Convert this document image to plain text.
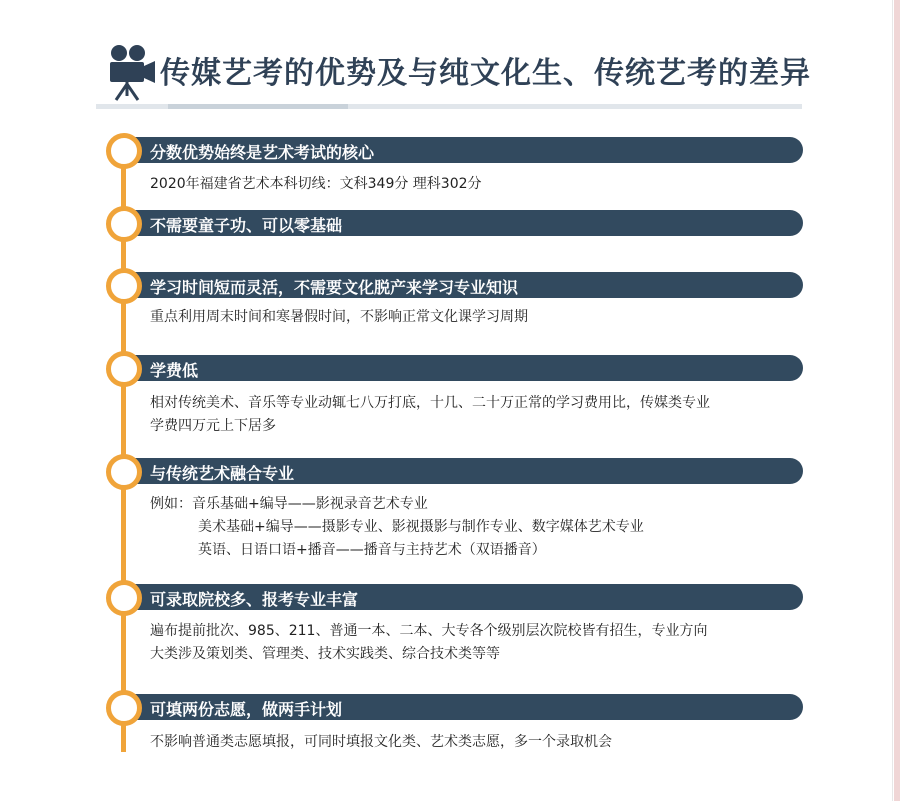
传媒艺考的优势及与纯文化生、传统艺考的差异
分数优势始终是艺术考试的核心
2020年福建省艺术本科切线：文科349分 理科302分
不需要童子功、可以零基础
学习时间短而灵活，不需要文化脱产来学习专业知识
重点利用周末时间和寒暑假时间，不影响正常文化课学习周期
学费低
相对传统美术、音乐等专业动辄七八万打底，十几、二十万正常的学习费用比，传媒类专业
学费四万元上下居多
与传统艺术融合专业
例如：音乐基础+编导——影视录音艺术专业
美术基础+编导——摄影专业、影视摄影与制作专业、数字媒体艺术专业
英语、日语口语+播音——播音与主持艺术（双语播音）
可录取院校多、报考专业丰富
遍布提前批次、985、211、普通一本、二本、大专各个级别层次院校皆有招生，专业方向
大类涉及策划类、管理类、技术实践类、综合技术类等等
可填两份志愿，做两手计划
不影响普通类志愿填报，可同时填报文化类、艺术类志愿，多一个录取机会
